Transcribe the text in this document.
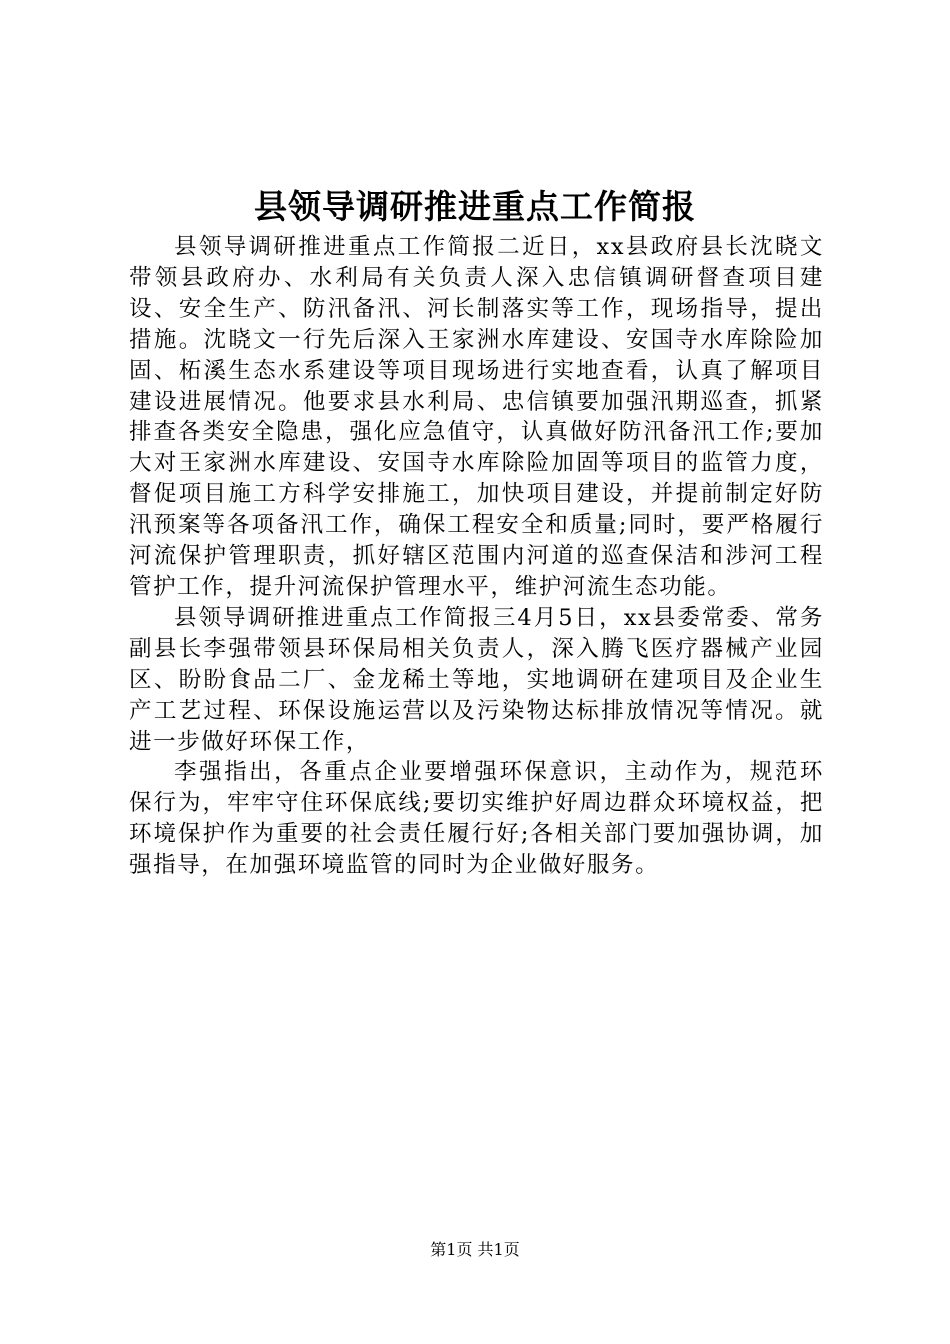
县领导调研推进重点工作简报

县领导调研推进重点工作简报二近日，xx县政府县长沈晓文带领县政府办、水利局有关负责人深入忠信镇调研督查项目建设、安全生产、防汛备汛、河长制落实等工作，现场指导，提出措施。沈晓文一行先后深入王家洲水库建设、安国寺水库除险加固、柘溪生态水系建设等项目现场进行实地查看，认真了解项目建设进展情况。他要求县水利局、忠信镇要加强汛期巡查，抓紧排查各类安全隐患，强化应急值守，认真做好防汛备汛工作;要加大对王家洲水库建设、安国寺水库除险加固等项目的监管力度，督促项目施工方科学安排施工，加快项目建设，并提前制定好防汛预案等各项备汛工作，确保工程安全和质量;同时，要严格履行河流保护管理职责，抓好辖区范围内河道的巡查保洁和涉河工程管护工作，提升河流保护管理水平，维护河流生态功能。

县领导调研推进重点工作简报三4月5日，xx县委常委、常务副县长李强带领县环保局相关负责人，深入腾飞医疗器械产业园区、盼盼食品二厂、金龙稀土等地，实地调研在建项目及企业生产工艺过程、环保设施运营以及污染物达标排放情况等情况。就进一步做好环保工作，

李强指出，各重点企业要增强环保意识，主动作为，规范环保行为，牢牢守住环保底线;要切实维护好周边群众环境权益，把环境保护作为重要的社会责任履行好;各相关部门要加强协调，加强指导，在加强环境监管的同时为企业做好服务。

第1页 共1页
